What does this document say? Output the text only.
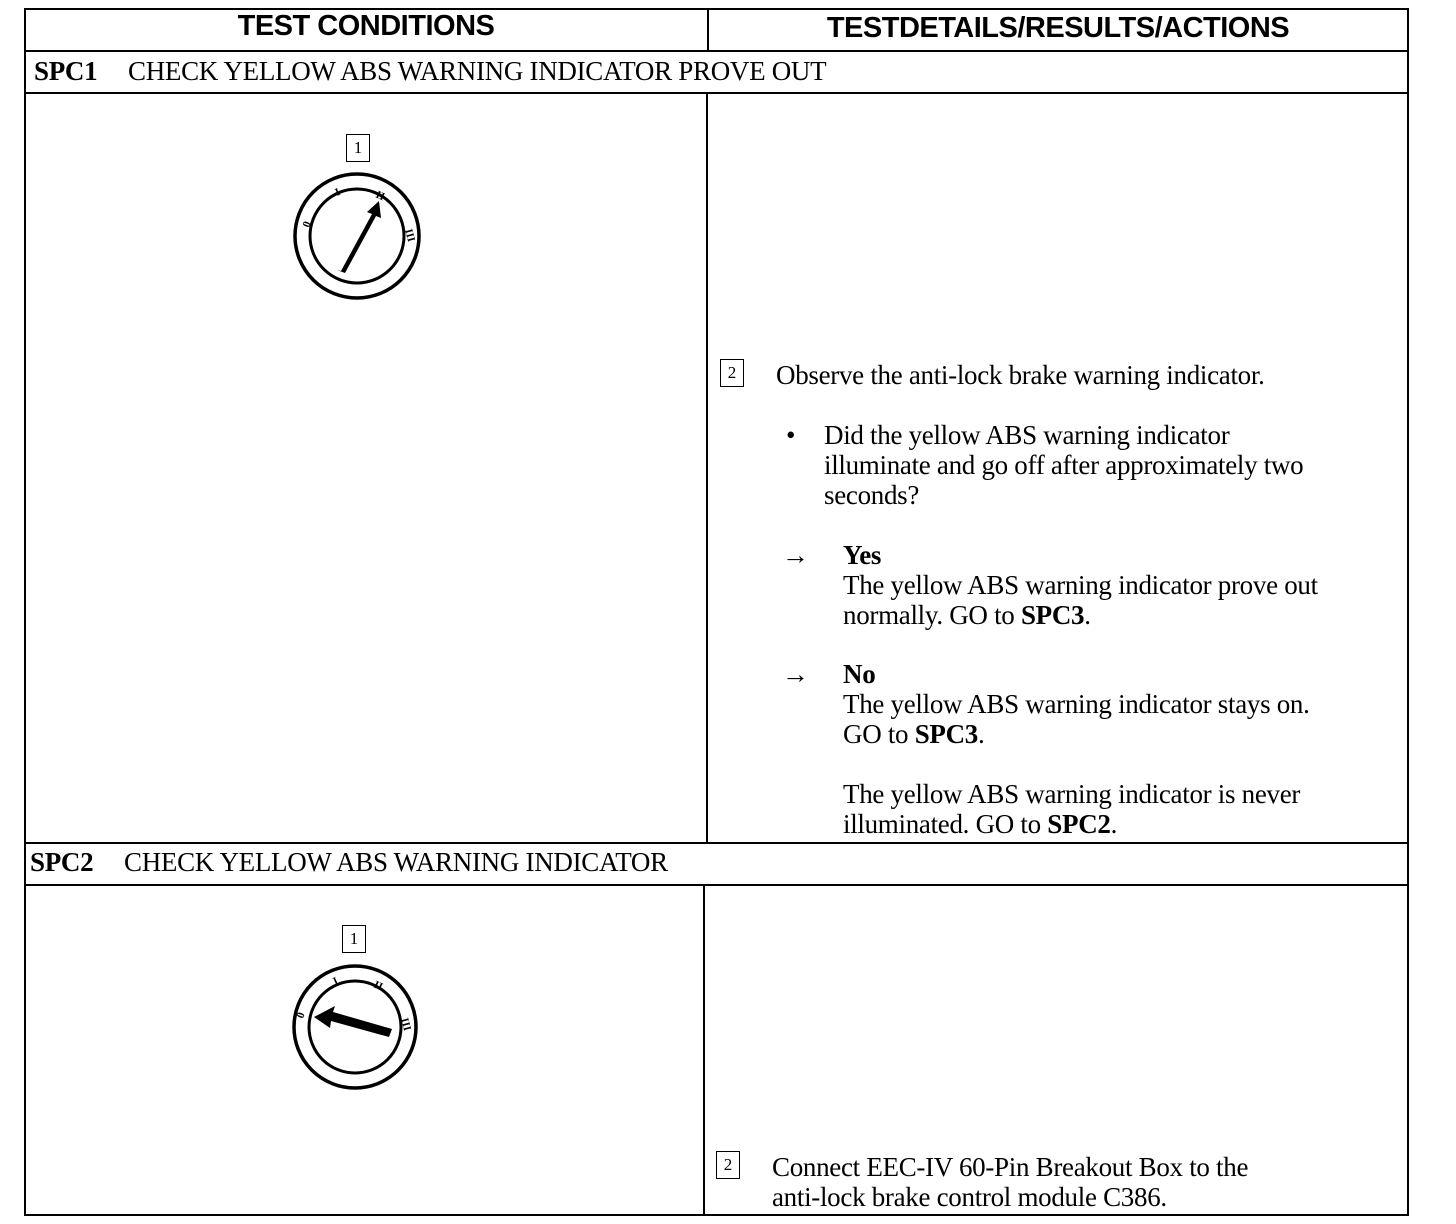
TEST CONDITIONS	TESTDETAILS/RESULTS/ACTIONS
SPC1 CHECK YELLOW ABS WARNING INDICATOR PROVE OUT
1
0
I	II
III
2 Observe the anti-lock brake warning indicator.
• Did the yellow ABS warning indicator
illuminate and go off after approximately two
seconds?
→ Yes
The yellow ABS warning indicator prove out
normally. GO to SPC3.
→ No
The yellow ABS warning indicator stays on.
GO to SPC3.
The yellow ABS warning indicator is never
illuminated. GO to SPC2.
SPC2 CHECK YELLOW ABS WARNING INDICATOR
1
0
I	II
III
2 Connect EEC-IV 60-Pin Breakout Box to the
anti-lock brake control module C386.
